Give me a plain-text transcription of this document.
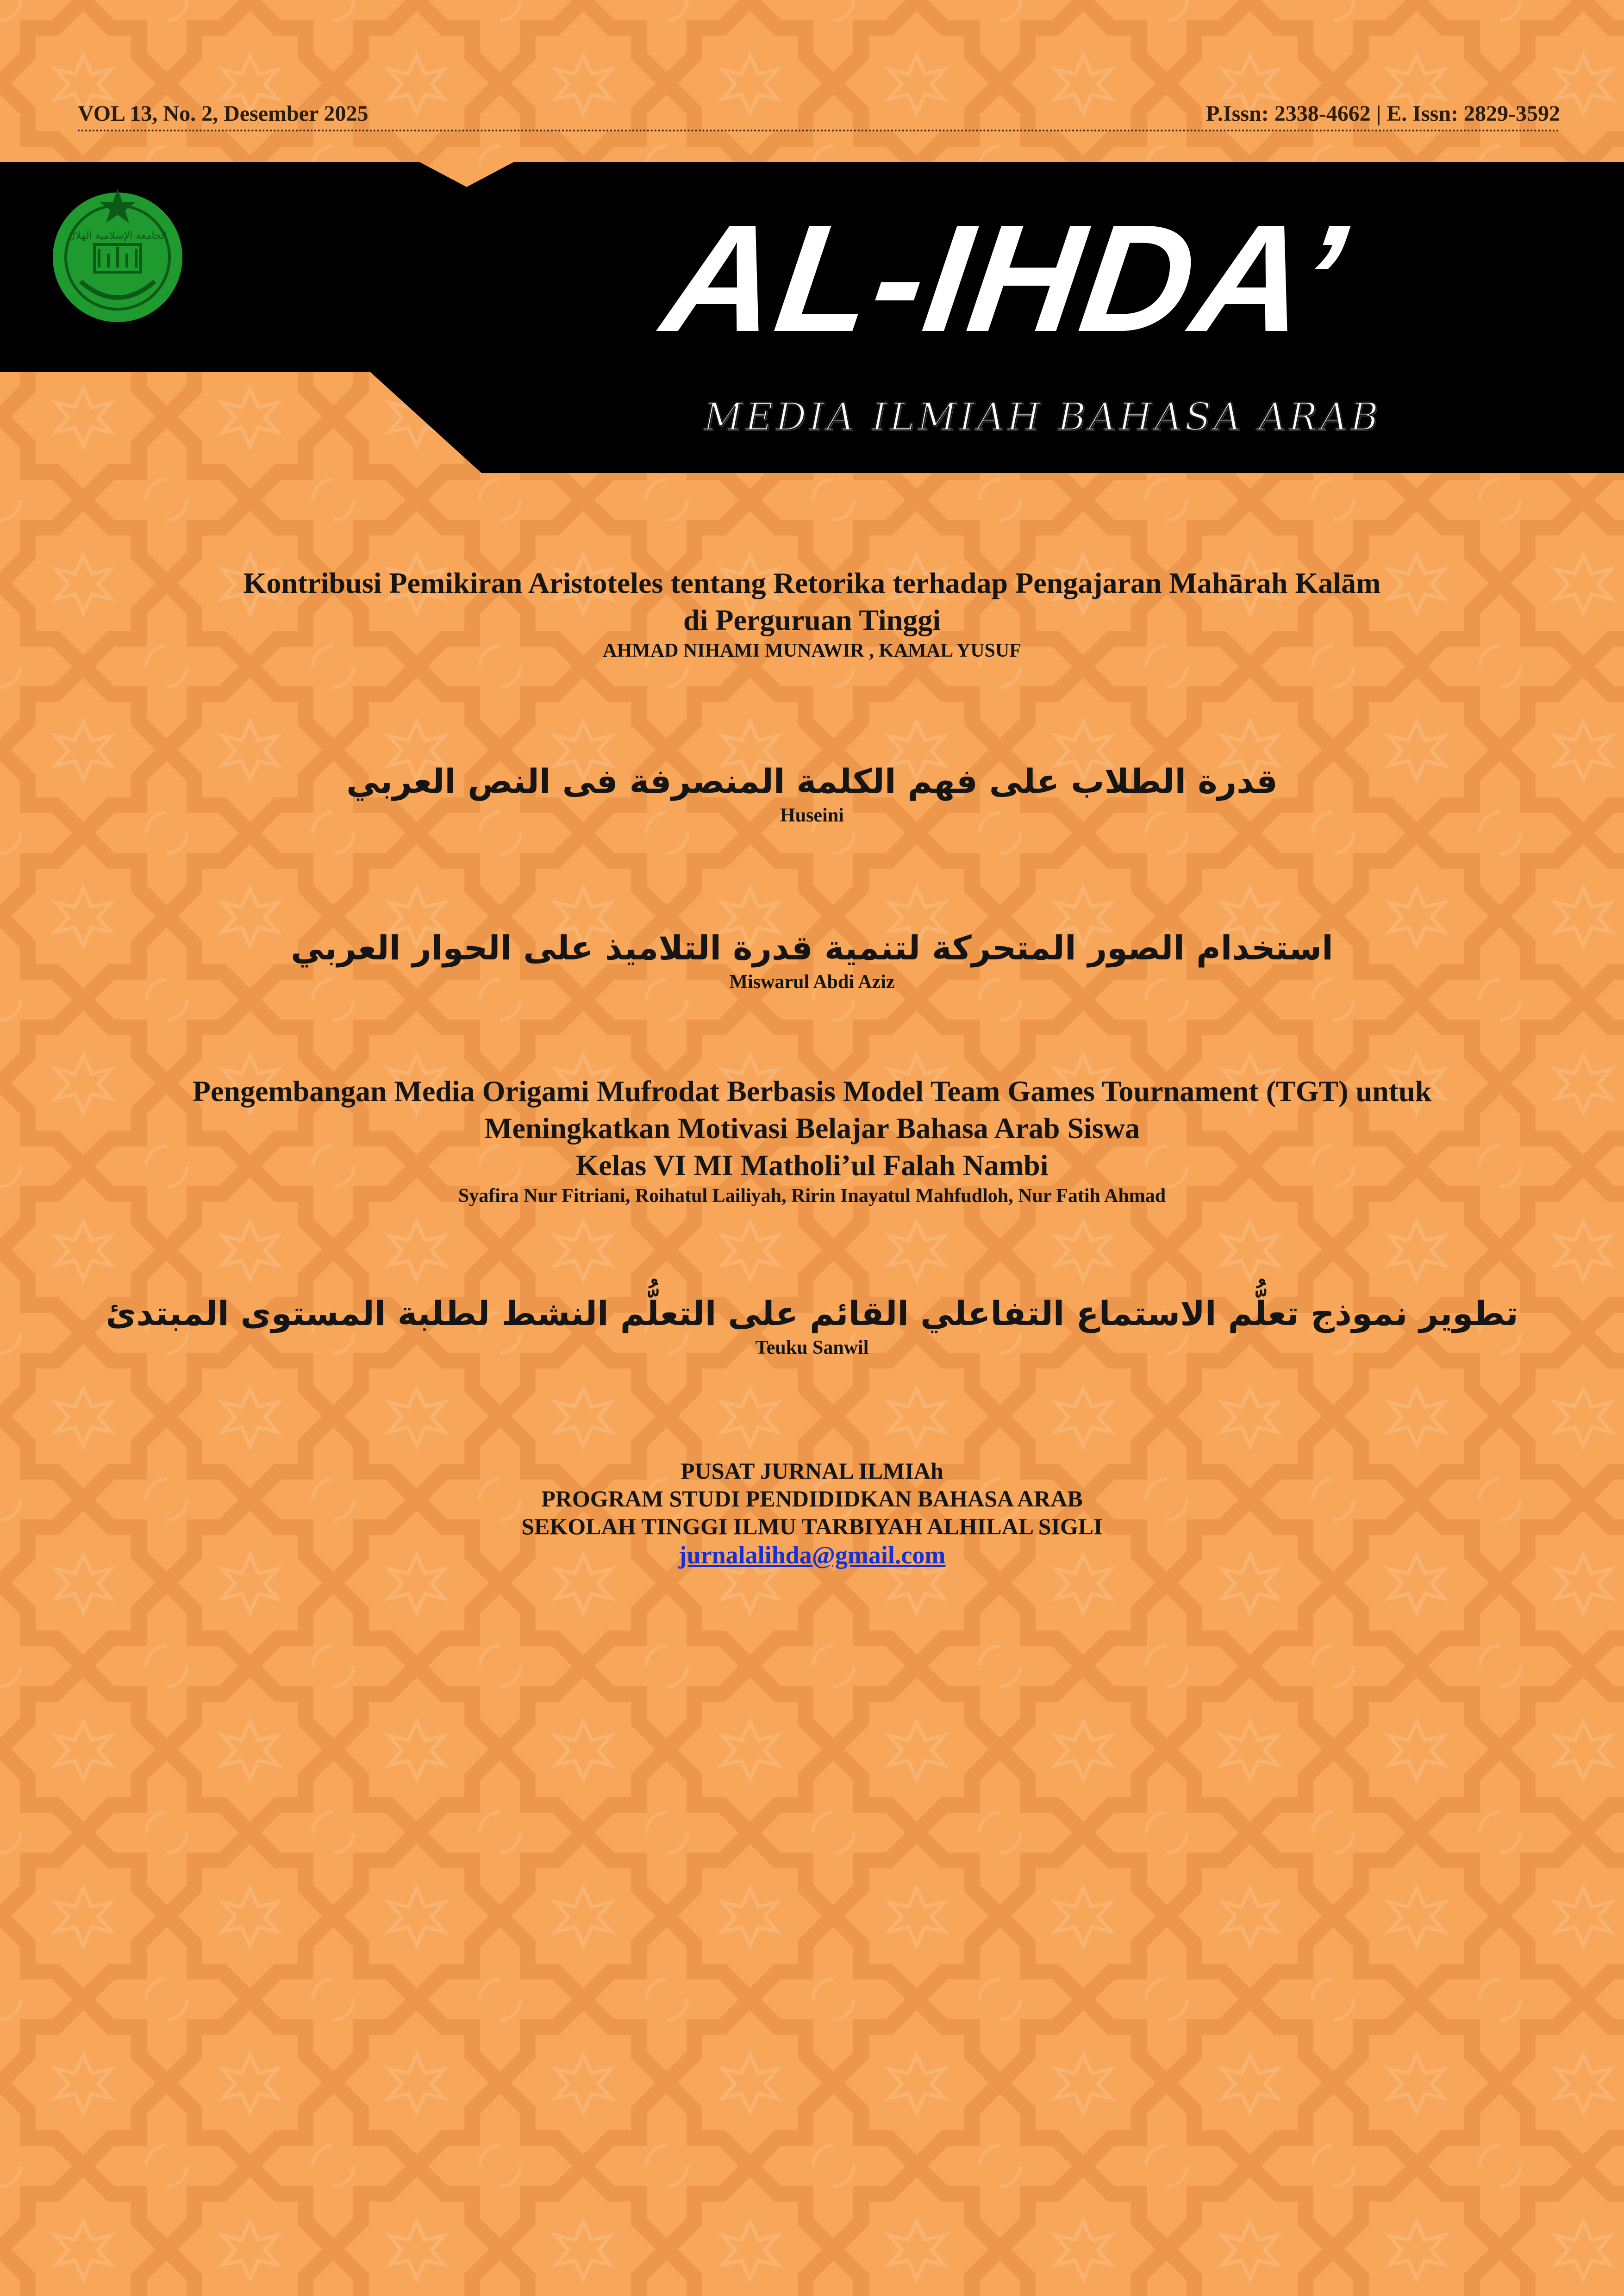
VOL 13, No. 2, Desember 2025	P.Issn: 2338-4662 | E. Issn: 2829-3592
الجامعة الإسلامية الهلال	AL-IHDA’
MEDIA ILMIAH BAHASA ARAB
Kontribusi Pemikiran Aristoteles tentang Retorika terhadap Pengajaran Mahārah Kalām
di Perguruan Tinggi
AHMAD NIHAMI MUNAWIR , KAMAL YUSUF
قدرة الطلاب على فهم الكلمة المنصرفة فى النص العربي
Huseini
استخدام الصور المتحركة لتنمية قدرة التلاميذ على الحوار العربي
Miswarul Abdi Aziz
Pengembangan Media Origami Mufrodat Berbasis Model Team Games Tournament (TGT) untuk
Meningkatkan Motivasi Belajar Bahasa Arab Siswa
Kelas VI MI Matholi’ul Falah Nambi
Syafira Nur Fitriani, Roihatul Lailiyah, Ririn Inayatul Mahfudloh, Nur Fatih Ahmad
تطوير نموذج تعلُّم الاستماع التفاعلي القائم على التعلُّم النشط لطلبة المستوى المبتدئ
Teuku Sanwil
PUSAT JURNAL ILMIAh
PROGRAM STUDI PENDIDIDKAN BAHASA ARAB
SEKOLAH TINGGI ILMU TARBIYAH ALHILAL SIGLI
jurnalalihda@gmail.com
